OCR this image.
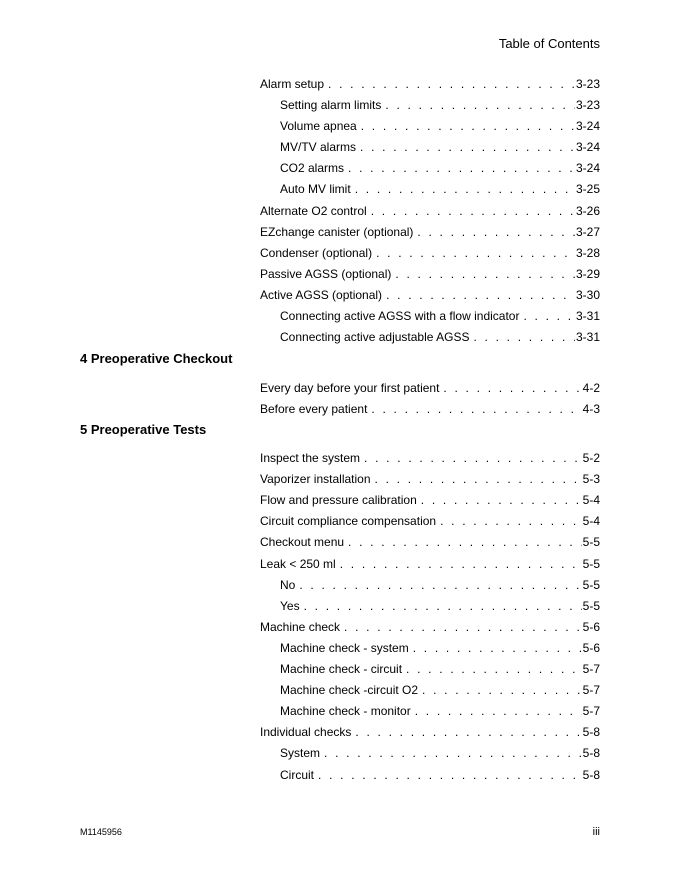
Table of Contents
Alarm setup . . .	3-23
Setting alarm limits . . .	3-23
Volume apnea . . .	3-24
MV/TV alarms . . .	3-24
CO2 alarms . . .	3-24
Auto MV limit . . .	3-25
Alternate O2 control . . .	3-26
EZchange canister (optional) . . .	3-27
Condenser (optional) . . .	3-28
Passive AGSS (optional) . . .	3-29
Active AGSS (optional) . . .	3-30
Connecting active AGSS with a flow indicator . . .	3-31
Connecting active adjustable AGSS . . .	3-31
4 Preoperative Checkout
Every day before your first patient . . .	4-2
Before every patient . . .	4-3
5 Preoperative Tests
Inspect the system . . .	5-2
Vaporizer installation . . .	5-3
Flow and pressure calibration . . .	5-4
Circuit compliance compensation . . .	5-4
Checkout menu . . .	5-5
Leak < 250 ml . . .	5-5
No . . .	5-5
Yes . . .	5-5
Machine check . . .	5-6
Machine check - system . . .	5-6
Machine check - circuit . . .	5-7
Machine check -circuit O2 . . .	5-7
Machine check - monitor . . .	5-7
Individual checks . . .	5-8
System . . .	5-8
Circuit . . .	5-8
M1145956	iii
